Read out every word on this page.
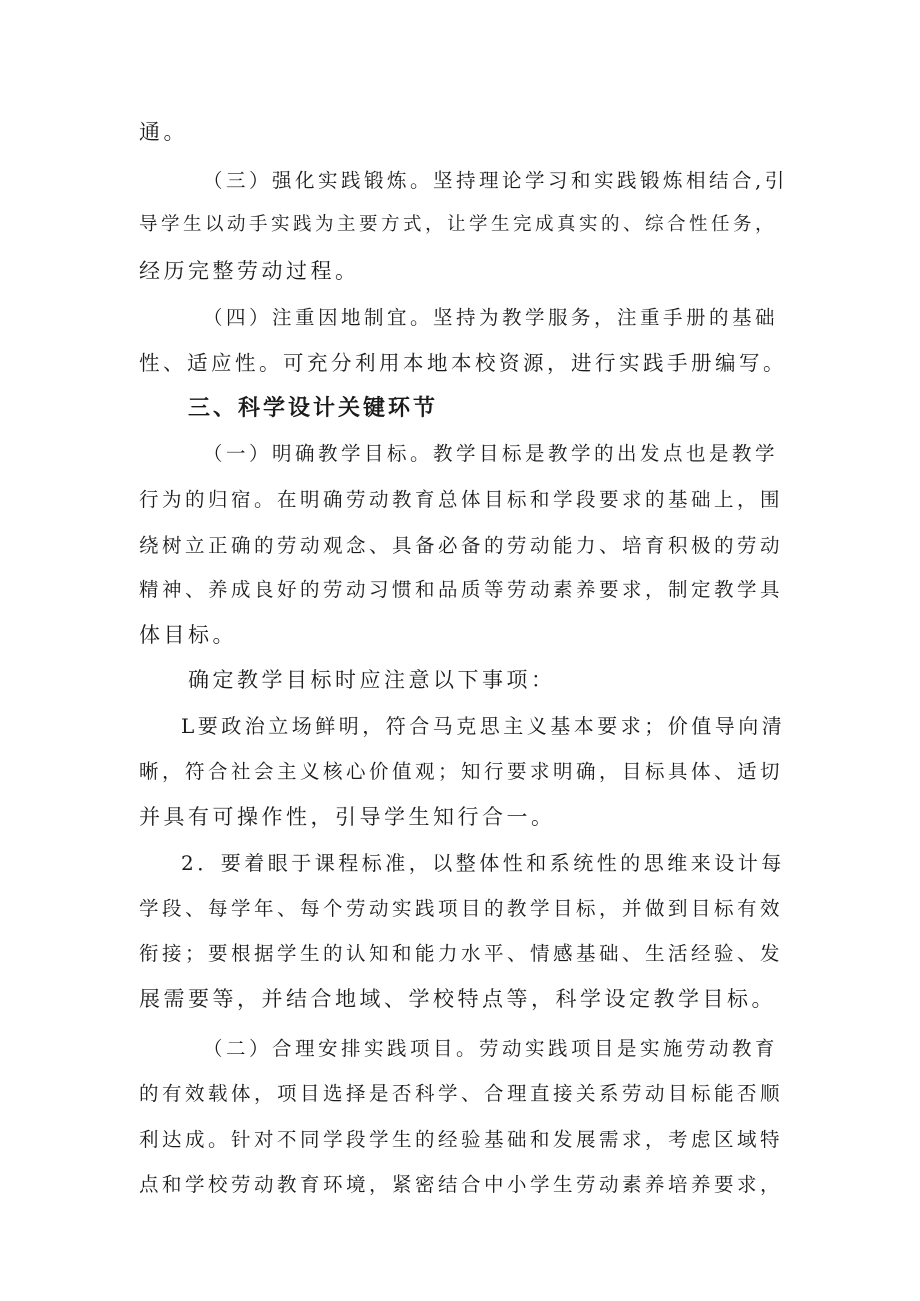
通。

（三）强化实践锻炼。坚持理论学习和实践锻炼相结合,引

导学生以动手实践为主要方式，让学生完成真实的、综合性任务，

经历完整劳动过程。

（四）注重因地制宜。坚持为教学服务，注重手册的基础

性、适应性。可充分利用本地本校资源，进行实践手册编写。

三、科学设计关键环节

（一）明确教学目标。教学目标是教学的出发点也是教学

行为的归宿。在明确劳动教育总体目标和学段要求的基础上，围

绕树立正确的劳动观念、具备必备的劳动能力、培育积极的劳动

精神、养成良好的劳动习惯和品质等劳动素养要求，制定教学具

体目标。

确定教学目标时应注意以下事项：

L要政治立场鲜明，符合马克思主义基本要求；价值导向清

晰，符合社会主义核心价值观；知行要求明确，目标具体、适切

并具有可操作性，引导学生知行合一。

2．要着眼于课程标准，以整体性和系统性的思维来设计每

学段、每学年、每个劳动实践项目的教学目标，并做到目标有效

衔接；要根据学生的认知和能力水平、情感基础、生活经验、发

展需要等，并结合地域、学校特点等，科学设定教学目标。

（二）合理安排实践项目。劳动实践项目是实施劳动教育

的有效载体，项目选择是否科学、合理直接关系劳动目标能否顺

利达成。针对不同学段学生的经验基础和发展需求，考虑区域特

点和学校劳动教育环境，紧密结合中小学生劳动素养培养要求，
